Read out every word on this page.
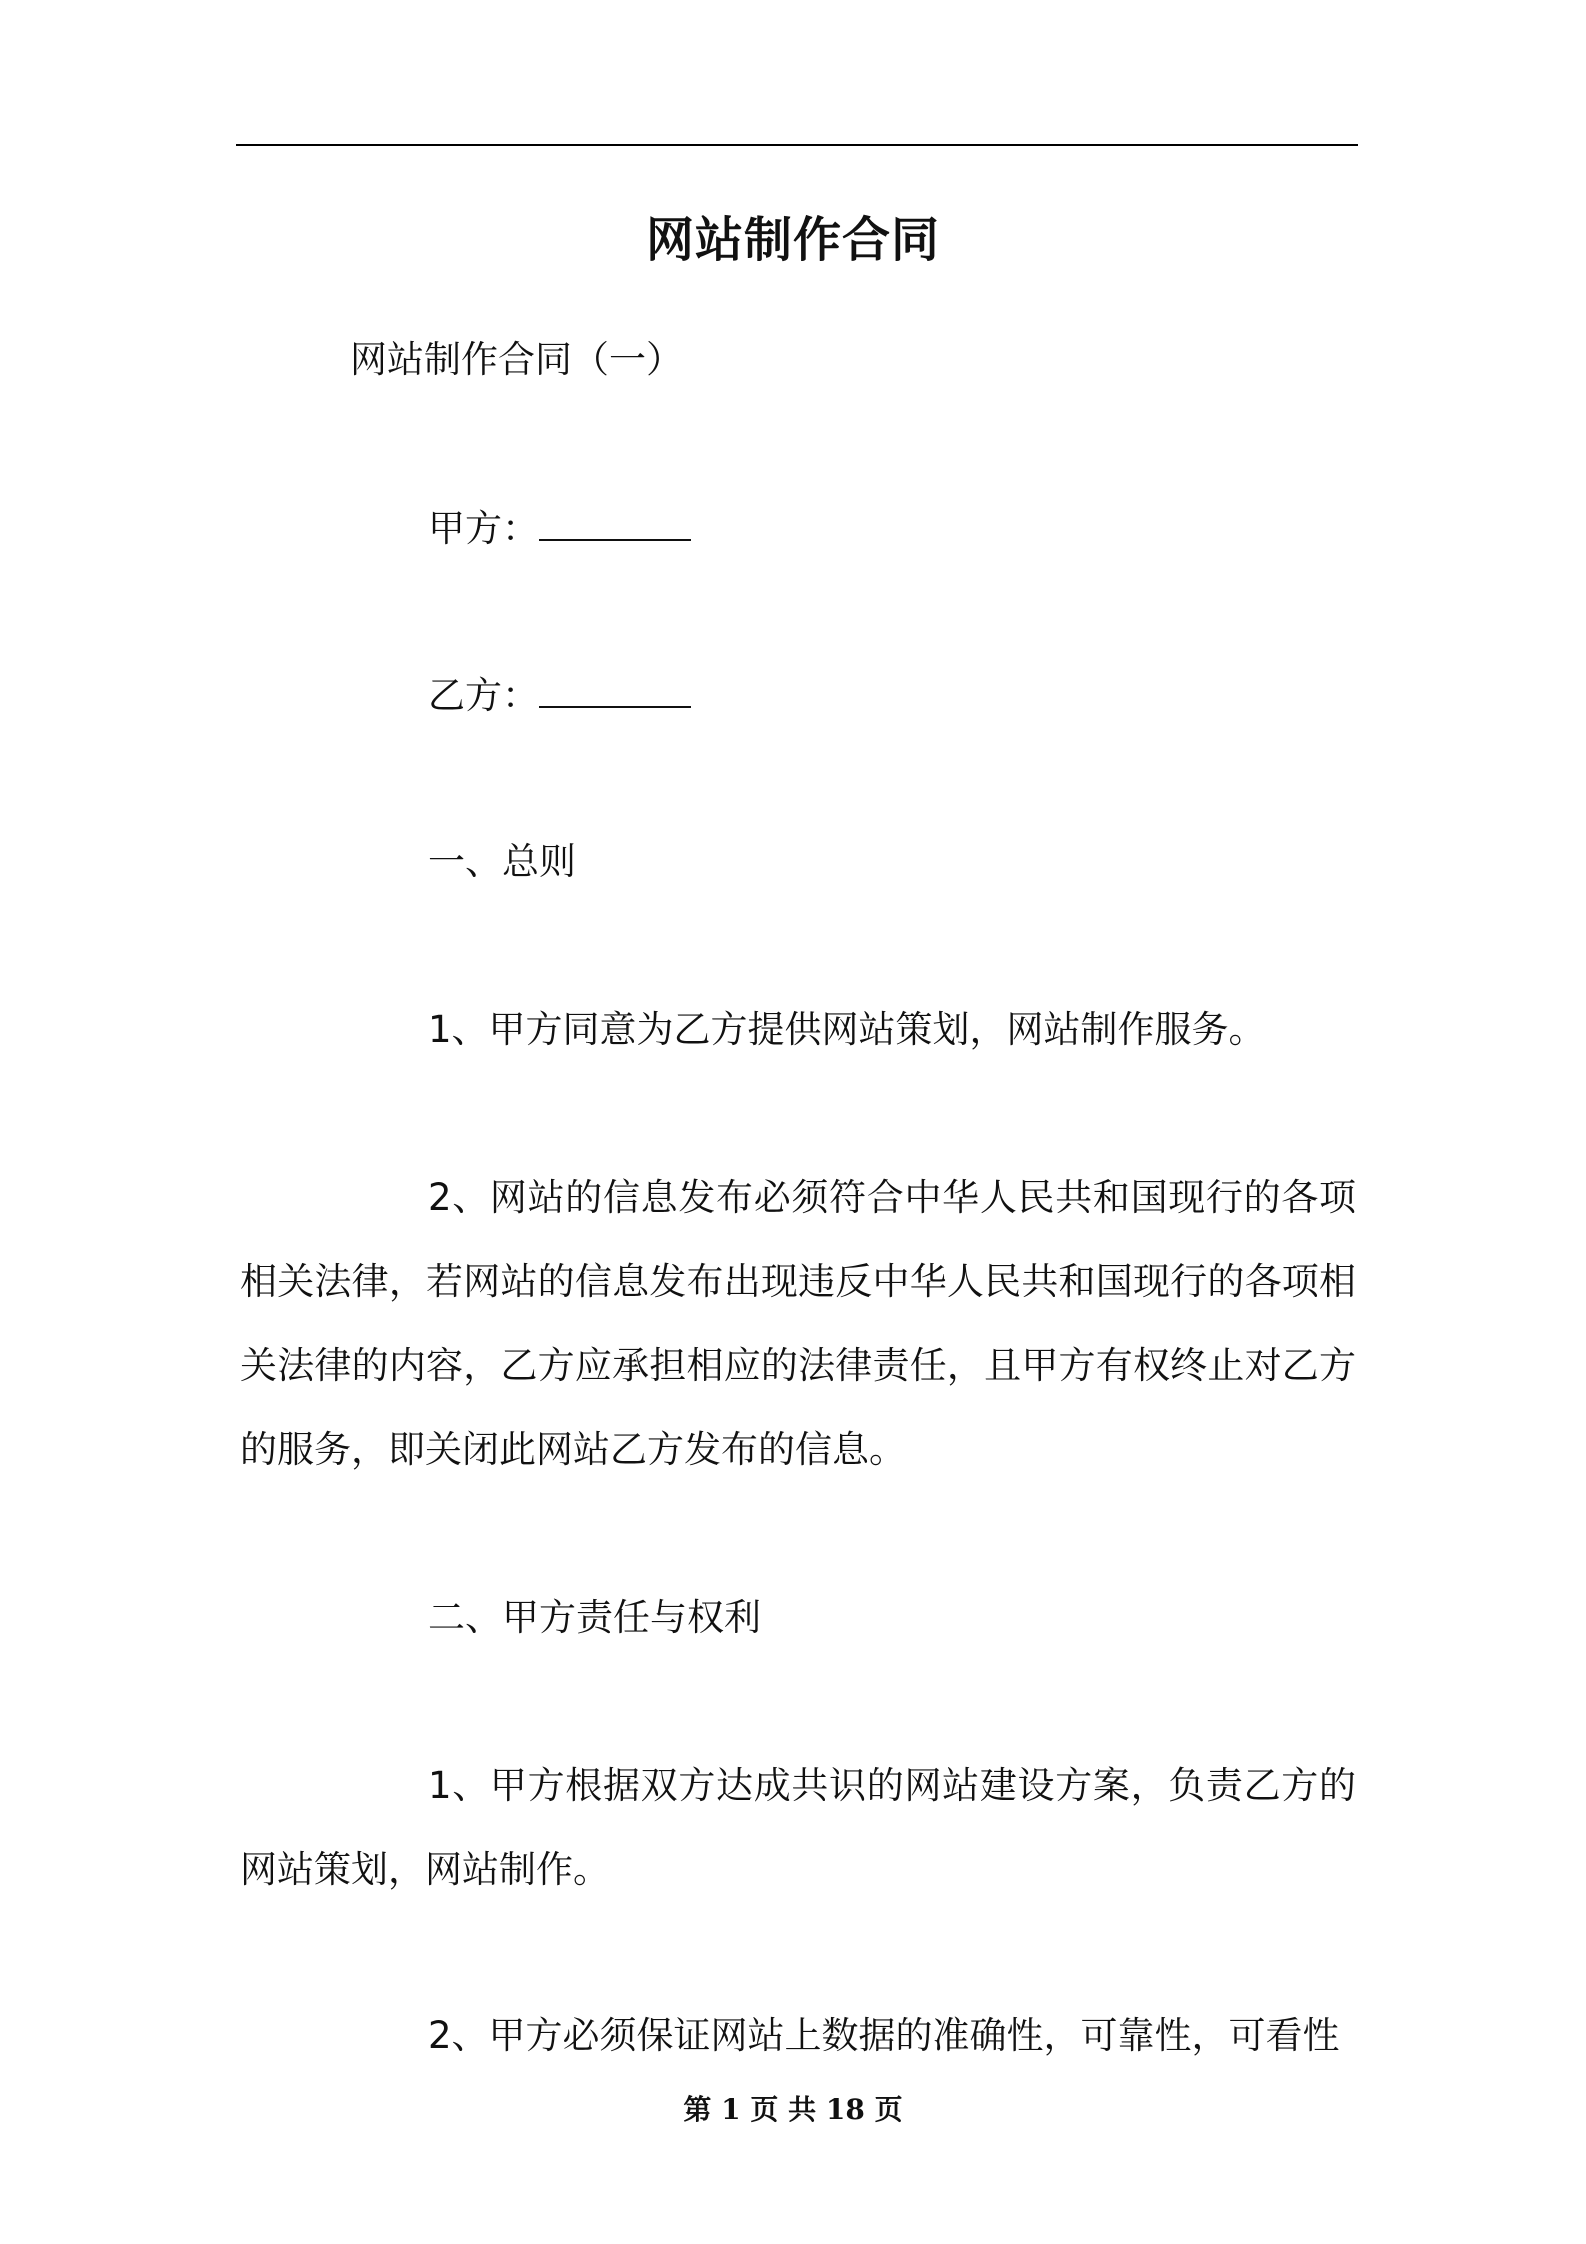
网站制作合同

网站制作合同（一）

甲方：

乙方：

一、总则

1、甲方同意为乙方提供网站策划，网站制作服务。

2、网站的信息发布必须符合中华人民共和国现行的各项相关法律，若网站的信息发布出现违反中华人民共和国现行的各项相关法律的内容，乙方应承担相应的法律责任，且甲方有权终止对乙方的服务，即关闭此网站乙方发布的信息。

二、甲方责任与权利

1、甲方根据双方达成共识的网站建设方案，负责乙方的网站策划，网站制作。

2、甲方必须保证网站上数据的准确性，可靠性，可看性

第 1 页 共 18 页
